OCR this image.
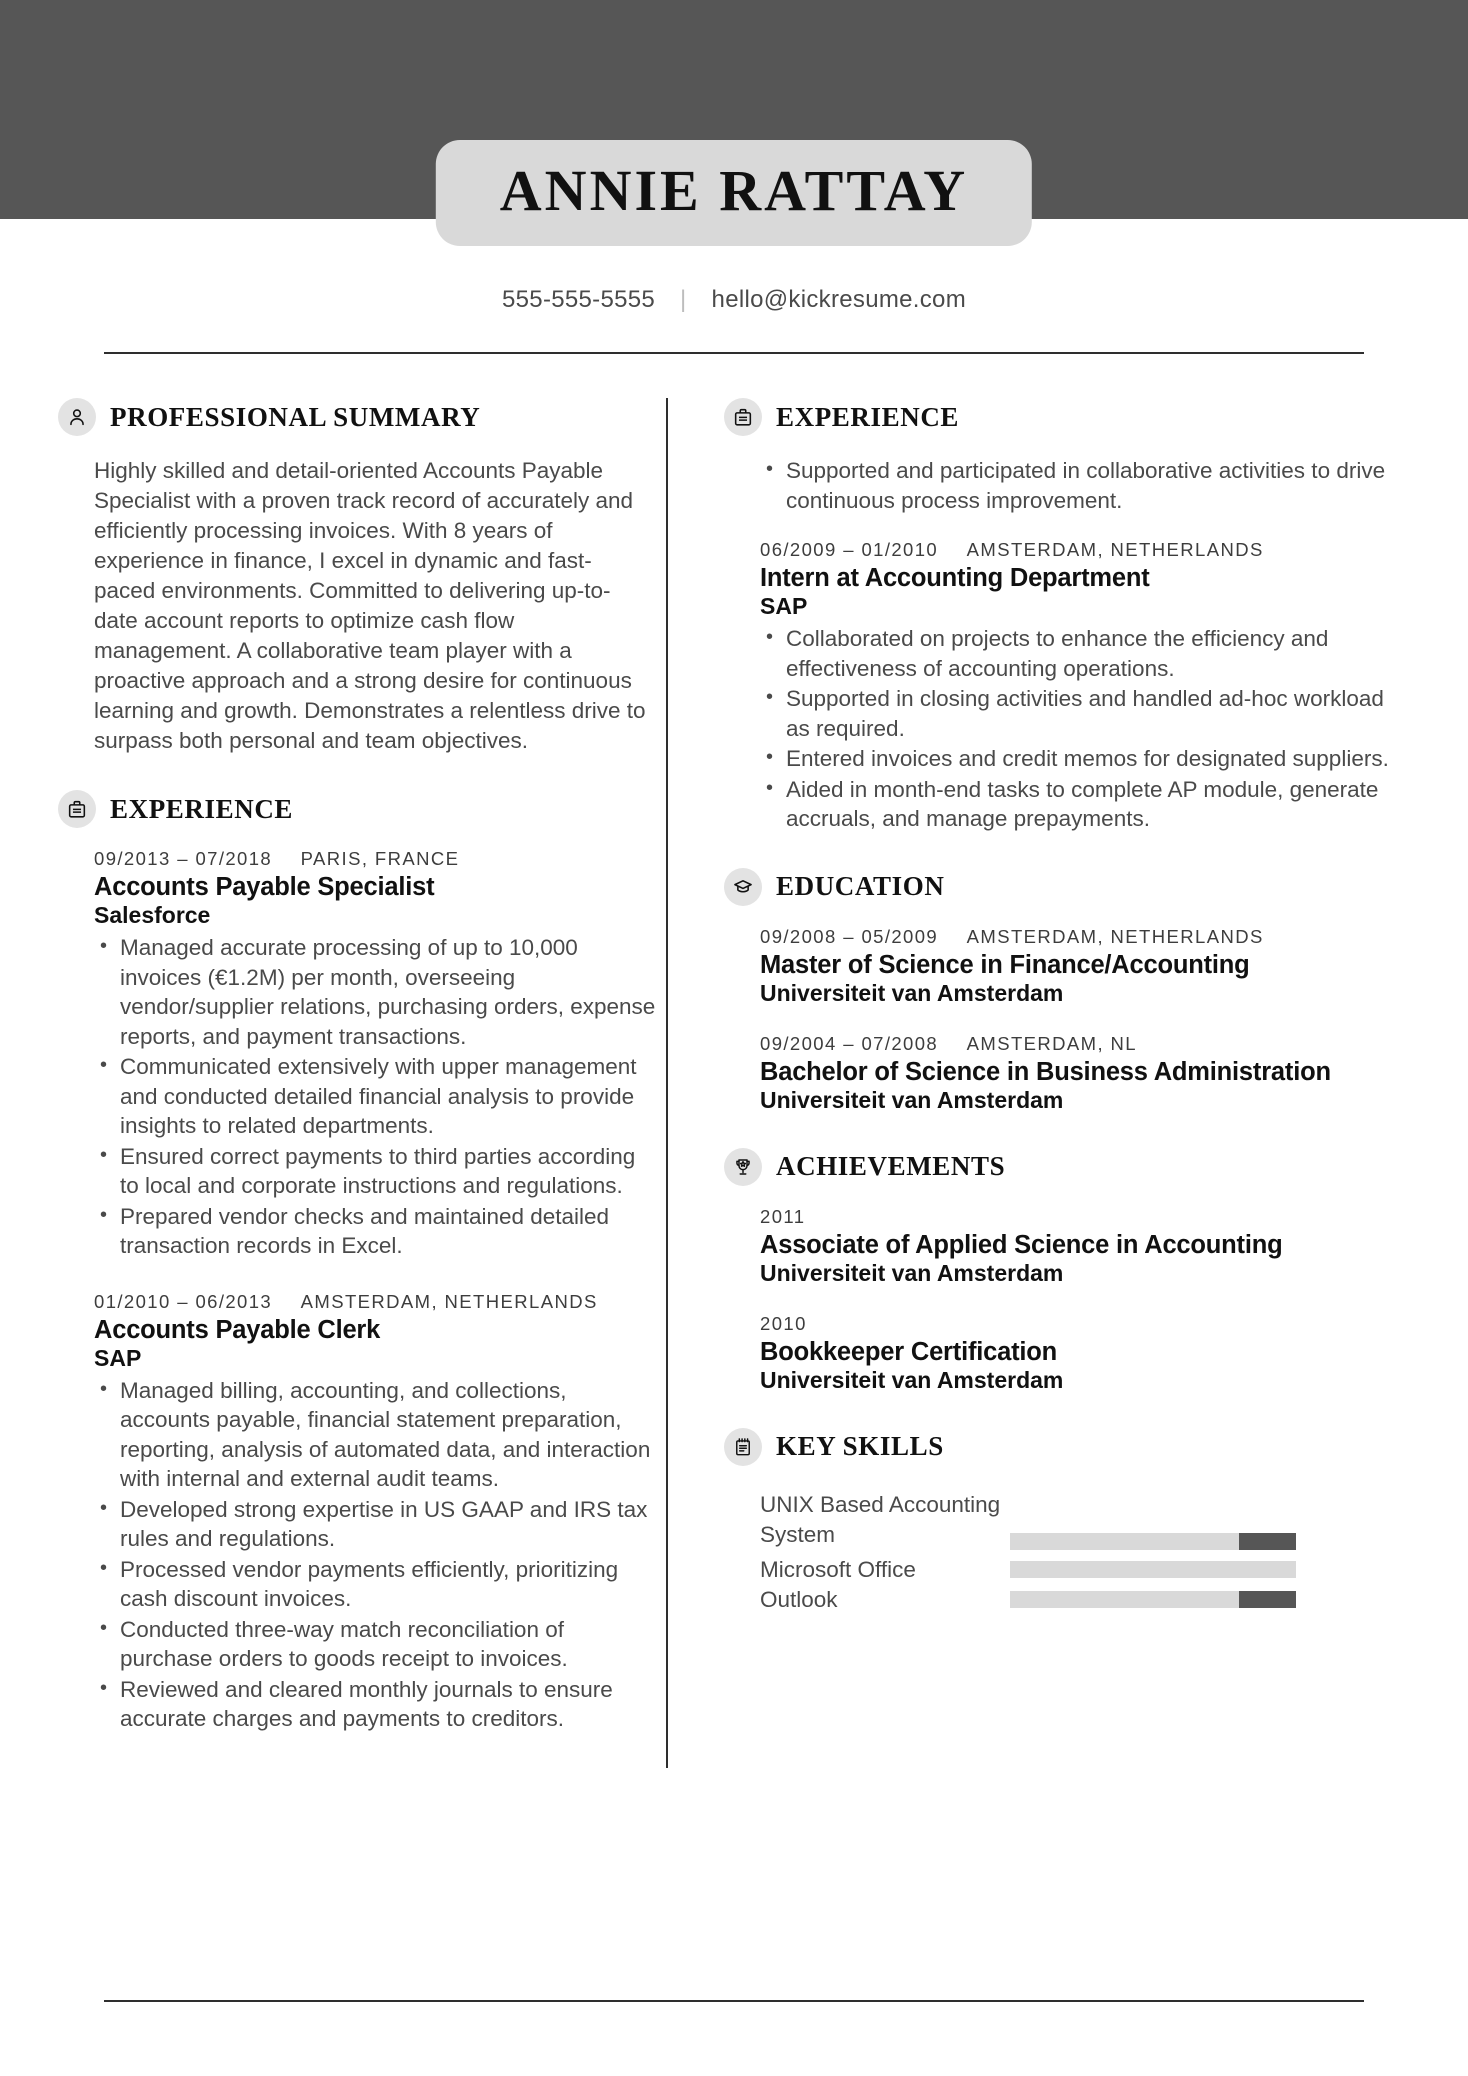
ANNIE RATTAY
555-555-5555 | hello@kickresume.com
PROFESSIONAL SUMMARY

Highly skilled and detail-oriented Accounts Payable Specialist with a proven track record of accurately and efficiently processing invoices. With 8 years of experience in finance, I excel in dynamic and fast-paced environments. Committed to delivering up-to-date account reports to optimize cash flow management. A collaborative team player with a proactive approach and a strong desire for continuous learning and growth. Demonstrates a relentless drive to surpass both personal and team objectives.

EXPERIENCE
09/2013 – 07/2018 PARIS, FRANCE
Accounts Payable Specialist
Salesforce
• Managed accurate processing of up to 10,000 invoices (€1.2M) per month, overseeing vendor/supplier relations, purchasing orders, expense reports, and payment transactions.
• Communicated extensively with upper management and conducted detailed financial analysis to provide insights to related departments.
• Ensured correct payments to third parties according to local and corporate instructions and regulations.
• Prepared vendor checks and maintained detailed transaction records in Excel.
01/2010 – 06/2013 AMSTERDAM, NETHERLANDS
Accounts Payable Clerk
SAP
• Managed billing, accounting, and collections, accounts payable, financial statement preparation, reporting, analysis of automated data, and interaction with internal and external audit teams.
• Developed strong expertise in US GAAP and IRS tax rules and regulations.
• Processed vendor payments efficiently, prioritizing cash discount invoices.
• Conducted three-way match reconciliation of purchase orders to goods receipt to invoices.
• Reviewed and cleared monthly journals to ensure accurate charges and payments to creditors.
EXPERIENCE
• Supported and participated in collaborative activities to drive continuous process improvement.
06/2009 – 01/2010 AMSTERDAM, NETHERLANDS
Intern at Accounting Department
SAP
• Collaborated on projects to enhance the efficiency and effectiveness of accounting operations.
• Supported in closing activities and handled ad-hoc workload as required.
• Entered invoices and credit memos for designated suppliers.
• Aided in month-end tasks to complete AP module, generate accruals, and manage prepayments.
EDUCATION
09/2008 – 05/2009 AMSTERDAM, NETHERLANDS
Master of Science in Finance/Accounting
Universiteit van Amsterdam
09/2004 – 07/2008 AMSTERDAM, NL
Bachelor of Science in Business Administration
Universiteit van Amsterdam
ACHIEVEMENTS
2011
Associate of Applied Science in Accounting
Universiteit van Amsterdam
2010
Bookkeeper Certification
Universiteit van Amsterdam
KEY SKILLS
UNIX Based Accounting System
Microsoft Office
Outlook
